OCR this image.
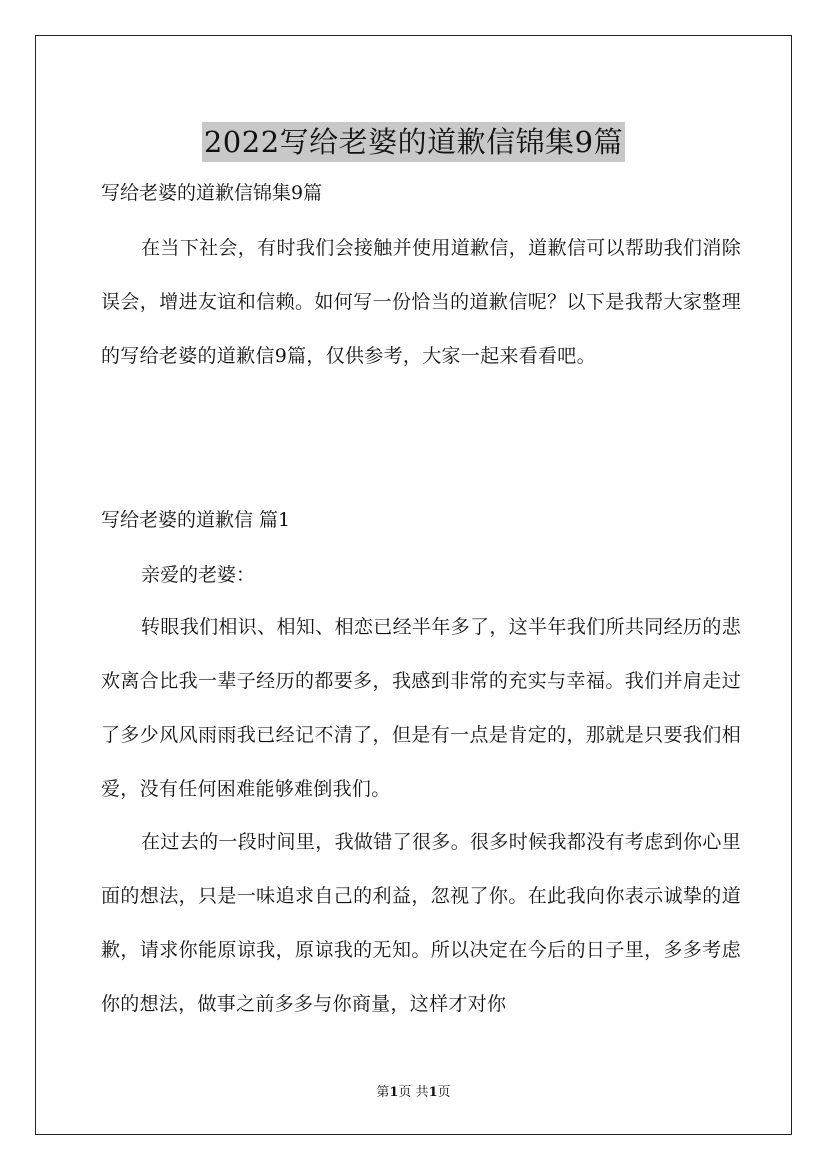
2022写给老婆的道歉信锦集9篇

写给老婆的道歉信锦集9篇

在当下社会，有时我们会接触并使用道歉信，道歉信可以帮助我们消除误会，增进友谊和信赖。如何写一份恰当的道歉信呢？以下是我帮大家整理的写给老婆的道歉信9篇，仅供参考，大家一起来看看吧。

写给老婆的道歉信 篇1

亲爱的老婆：

转眼我们相识、相知、相恋已经半年多了，这半年我们所共同经历的悲欢离合比我一辈子经历的都要多，我感到非常的充实与幸福。我们并肩走过了多少风风雨雨我已经记不清了，但是有一点是肯定的，那就是只要我们相爱，没有任何困难能够难倒我们。

在过去的一段时间里，我做错了很多。很多时候我都没有考虑到你心里面的想法，只是一味追求自己的利益，忽视了你。在此我向你表示诚挚的道歉，请求你能原谅我，原谅我的无知。所以决定在今后的日子里，多多考虑你的想法，做事之前多多与你商量，这样才对你

第1页 共1页
